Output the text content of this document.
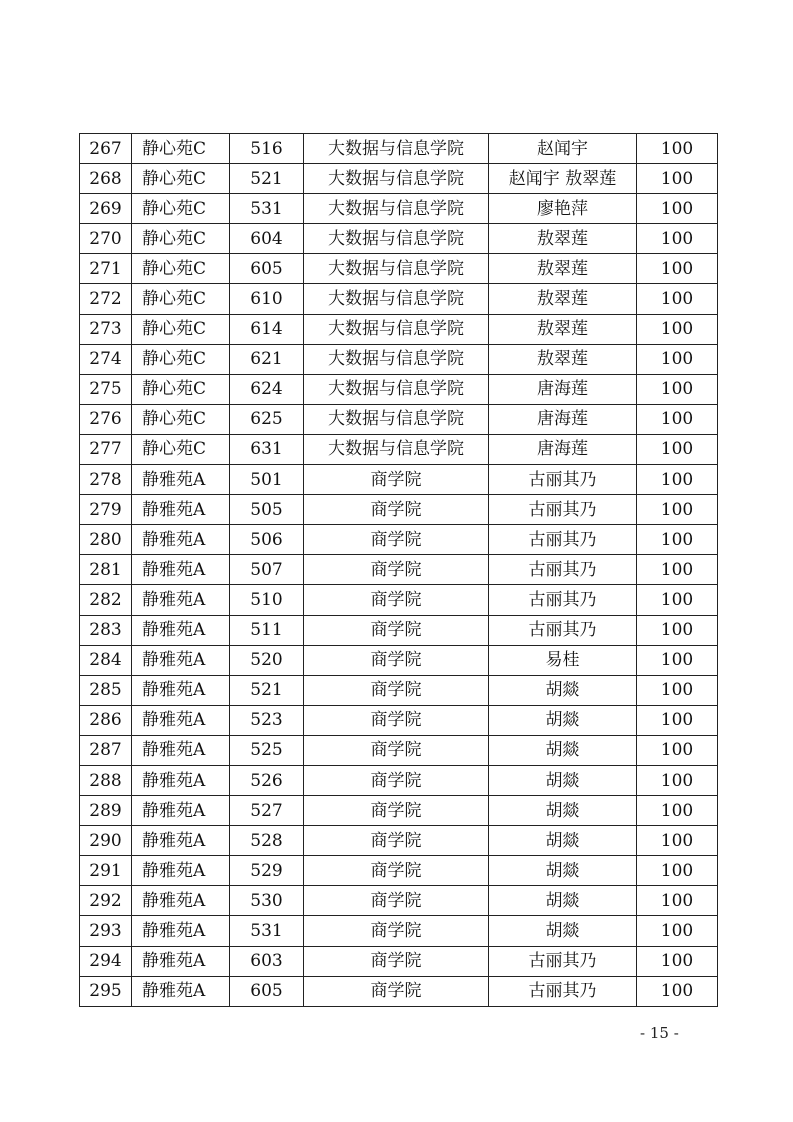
267	静心苑C	516	大数据与信息学院	赵闻宇	100
268	静心苑C	521	大数据与信息学院	赵闻宇 敖翠莲	100
269	静心苑C	531	大数据与信息学院	廖艳萍	100
270	静心苑C	604	大数据与信息学院	敖翠莲	100
271	静心苑C	605	大数据与信息学院	敖翠莲	100
272	静心苑C	610	大数据与信息学院	敖翠莲	100
273	静心苑C	614	大数据与信息学院	敖翠莲	100
274	静心苑C	621	大数据与信息学院	敖翠莲	100
275	静心苑C	624	大数据与信息学院	唐海莲	100
276	静心苑C	625	大数据与信息学院	唐海莲	100
277	静心苑C	631	大数据与信息学院	唐海莲	100
278	静雅苑A	501	商学院	古丽其乃	100
279	静雅苑A	505	商学院	古丽其乃	100
280	静雅苑A	506	商学院	古丽其乃	100
281	静雅苑A	507	商学院	古丽其乃	100
282	静雅苑A	510	商学院	古丽其乃	100
283	静雅苑A	511	商学院	古丽其乃	100
284	静雅苑A	520	商学院	易桂	100
285	静雅苑A	521	商学院	胡燚	100
286	静雅苑A	523	商学院	胡燚	100
287	静雅苑A	525	商学院	胡燚	100
288	静雅苑A	526	商学院	胡燚	100
289	静雅苑A	527	商学院	胡燚	100
290	静雅苑A	528	商学院	胡燚	100
291	静雅苑A	529	商学院	胡燚	100
292	静雅苑A	530	商学院	胡燚	100
293	静雅苑A	531	商学院	胡燚	100
294	静雅苑A	603	商学院	古丽其乃	100
295	静雅苑A	605	商学院	古丽其乃	100
- 15 -
